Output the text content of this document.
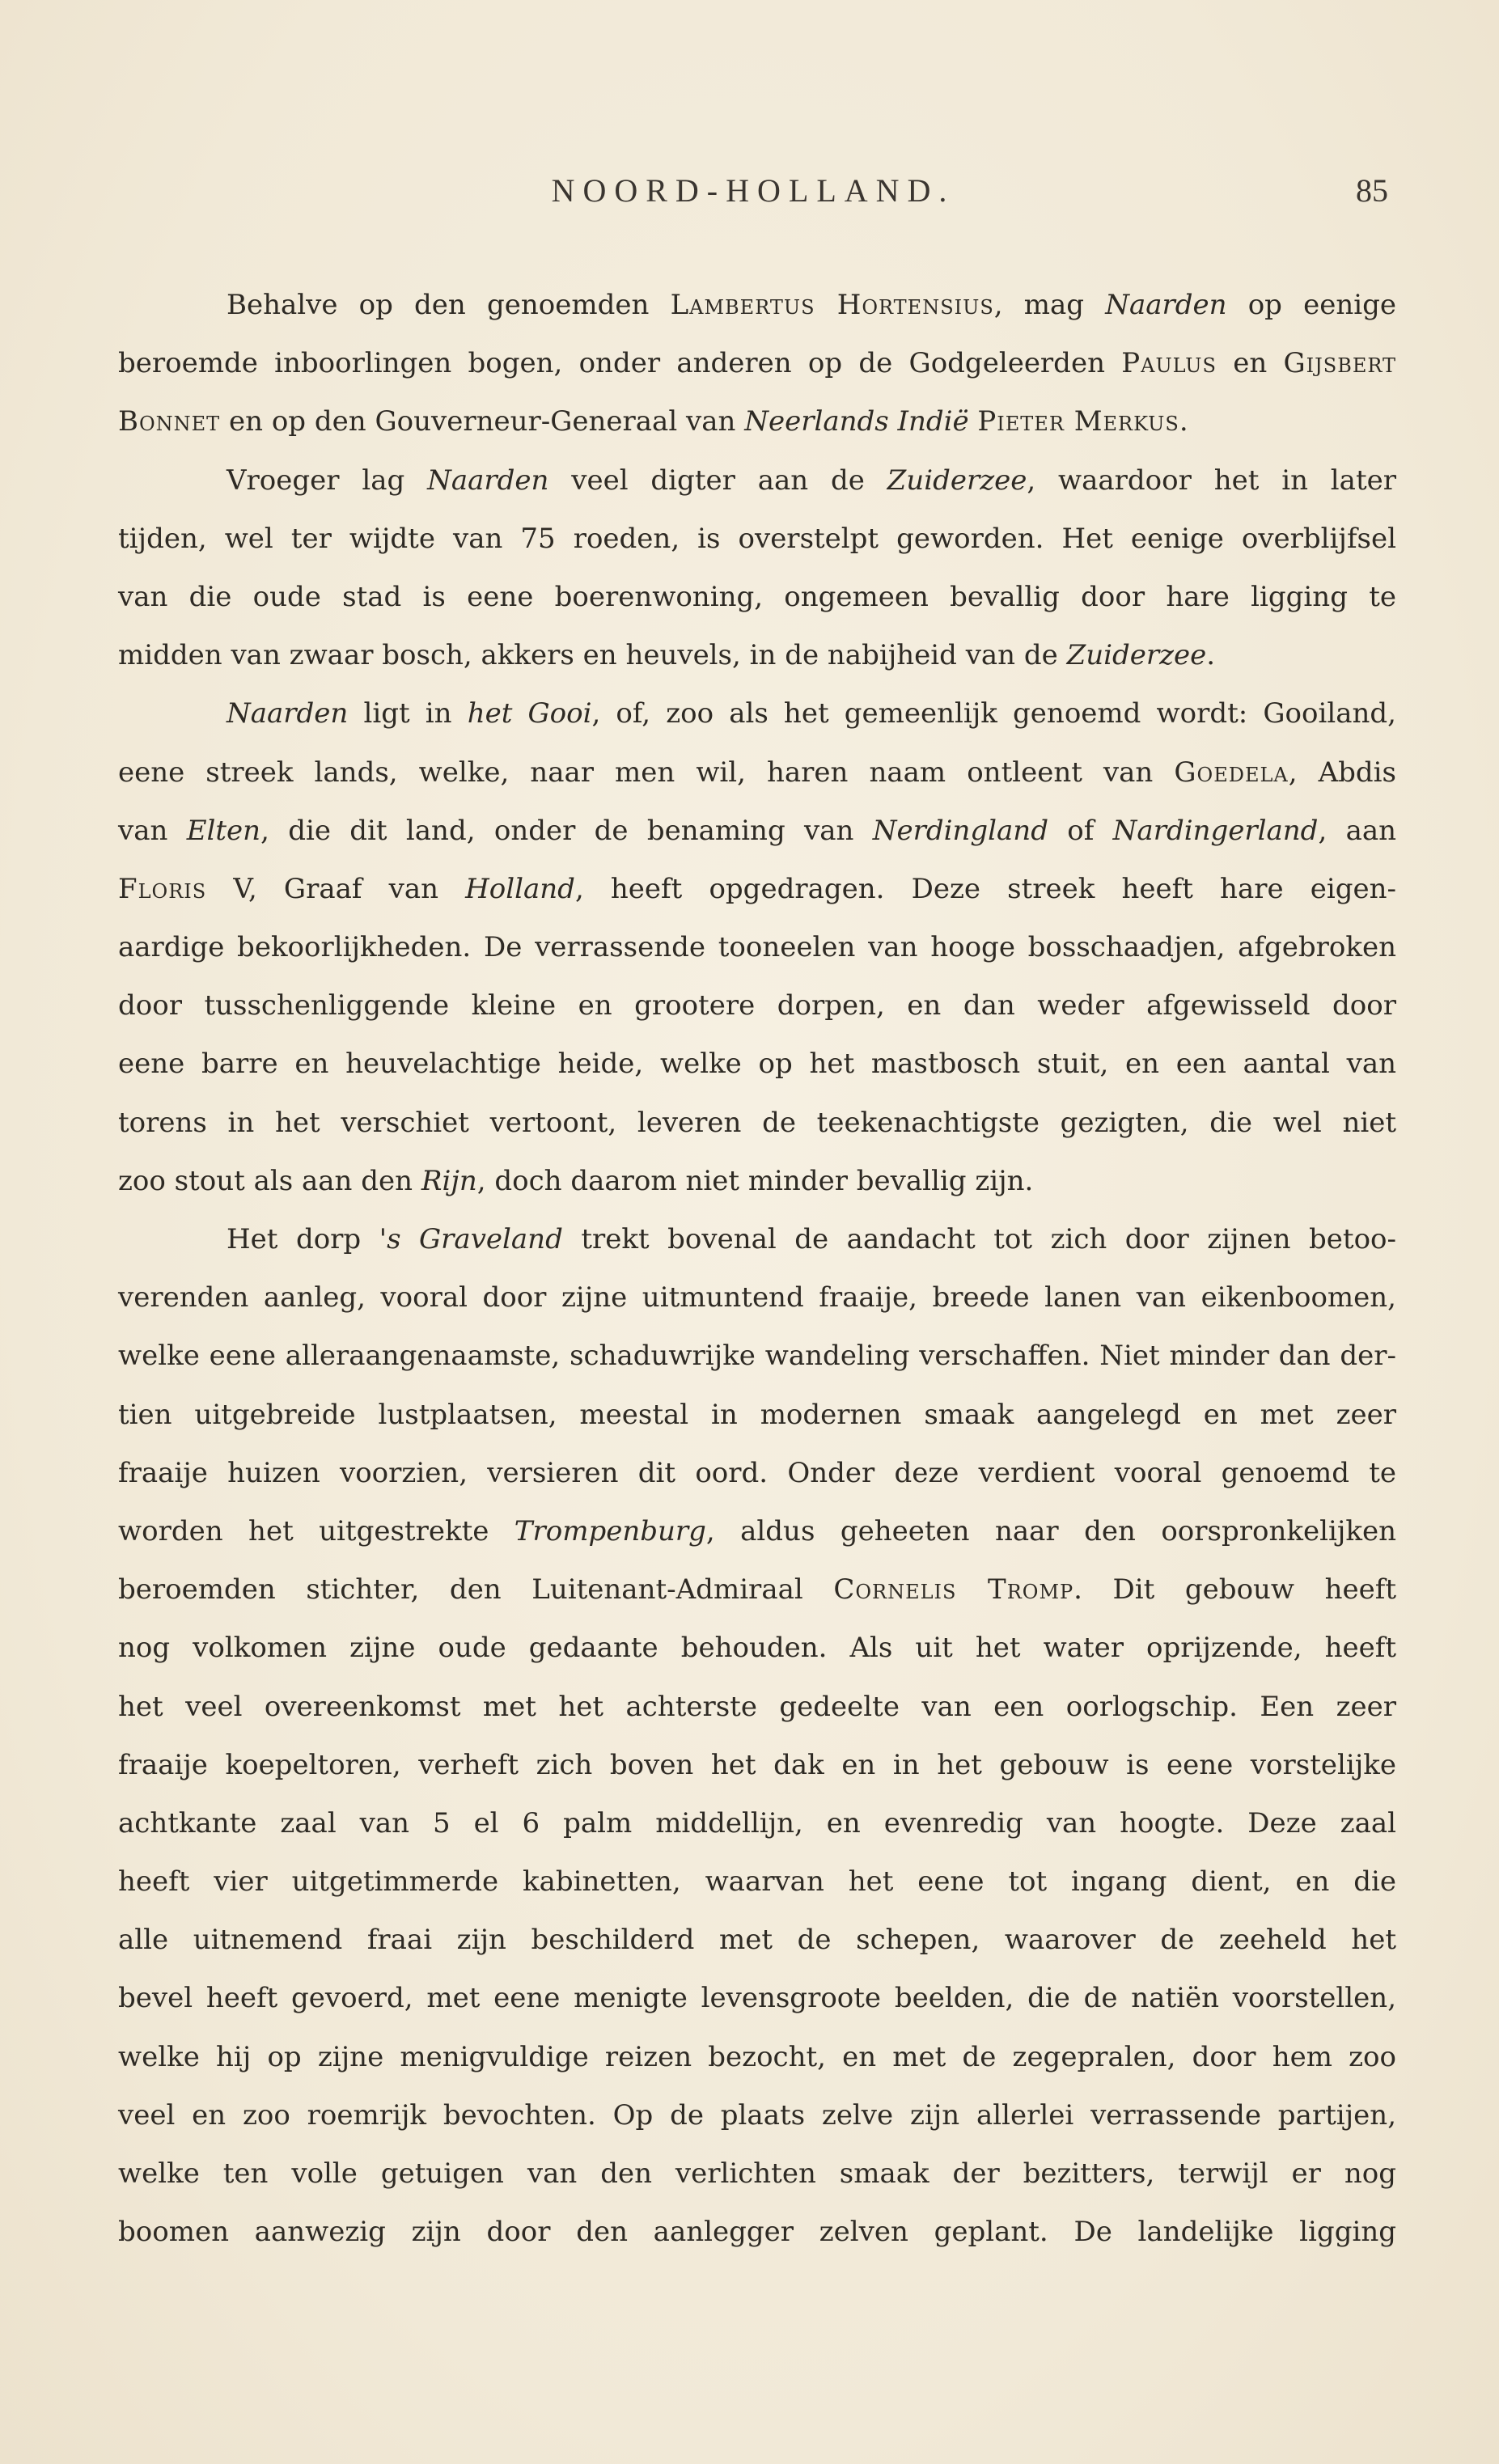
NOORD-HOLLAND.	85
Behalve op den genoemden Lambertus Hortensius, mag Naarden op eenige
beroemde inboorlingen bogen, onder anderen op de Godgeleerden Paulus en Gijsbert
Bonnet en op den Gouverneur-Generaal van Neerlands Indië Pieter Merkus.
Vroeger lag Naarden veel digter aan de Zuiderzee, waardoor het in later
tijden, wel ter wijdte van 75 roeden, is overstelpt geworden. Het eenige overblijfsel
van die oude stad is eene boerenwoning, ongemeen bevallig door hare ligging te
midden van zwaar bosch, akkers en heuvels, in de nabijheid van de Zuiderzee.
Naarden ligt in het Gooi, of, zoo als het gemeenlijk genoemd wordt: Gooiland,
eene streek lands, welke, naar men wil, haren naam ontleent van Goedela, Abdis
van Elten, die dit land, onder de benaming van Nerdingland of Nardingerland, aan
Floris V, Graaf van Holland, heeft opgedragen. Deze streek heeft hare eigen-
aardige bekoorlijkheden. De verrassende tooneelen van hooge bosschaadjen, afgebroken
door tusschenliggende kleine en grootere dorpen, en dan weder afgewisseld door
eene barre en heuvelachtige heide, welke op het mastbosch stuit, en een aantal van
torens in het verschiet vertoont, leveren de teekenachtigste gezigten, die wel niet
zoo stout als aan den Rijn, doch daarom niet minder bevallig zijn.
Het dorp 's Graveland trekt bovenal de aandacht tot zich door zijnen betoo-
verenden aanleg, vooral door zijne uitmuntend fraaije, breede lanen van eikenboomen,
welke eene alleraangenaamste, schaduwrijke wandeling verschaffen. Niet minder dan der-
tien uitgebreide lustplaatsen, meestal in modernen smaak aangelegd en met zeer
fraaije huizen voorzien, versieren dit oord. Onder deze verdient vooral genoemd te
worden het uitgestrekte Trompenburg, aldus geheeten naar den oorspronkelijken
beroemden stichter, den Luitenant-Admiraal Cornelis Tromp. Dit gebouw heeft
nog volkomen zijne oude gedaante behouden. Als uit het water oprijzende, heeft
het veel overeenkomst met het achterste gedeelte van een oorlogschip. Een zeer
fraaije koepeltoren, verheft zich boven het dak en in het gebouw is eene vorstelijke
achtkante zaal van 5 el 6 palm middellijn, en evenredig van hoogte. Deze zaal
heeft vier uitgetimmerde kabinetten, waarvan het eene tot ingang dient, en die
alle uitnemend fraai zijn beschilderd met de schepen, waarover de zeeheld het
bevel heeft gevoerd, met eene menigte levensgroote beelden, die de natiën voorstellen,
welke hij op zijne menigvuldige reizen bezocht, en met de zegepralen, door hem zoo
veel en zoo roemrijk bevochten. Op de plaats zelve zijn allerlei verrassende partijen,
welke ten volle getuigen van den verlichten smaak der bezitters, terwijl er nog
boomen aanwezig zijn door den aanlegger zelven geplant. De landelijke ligging
